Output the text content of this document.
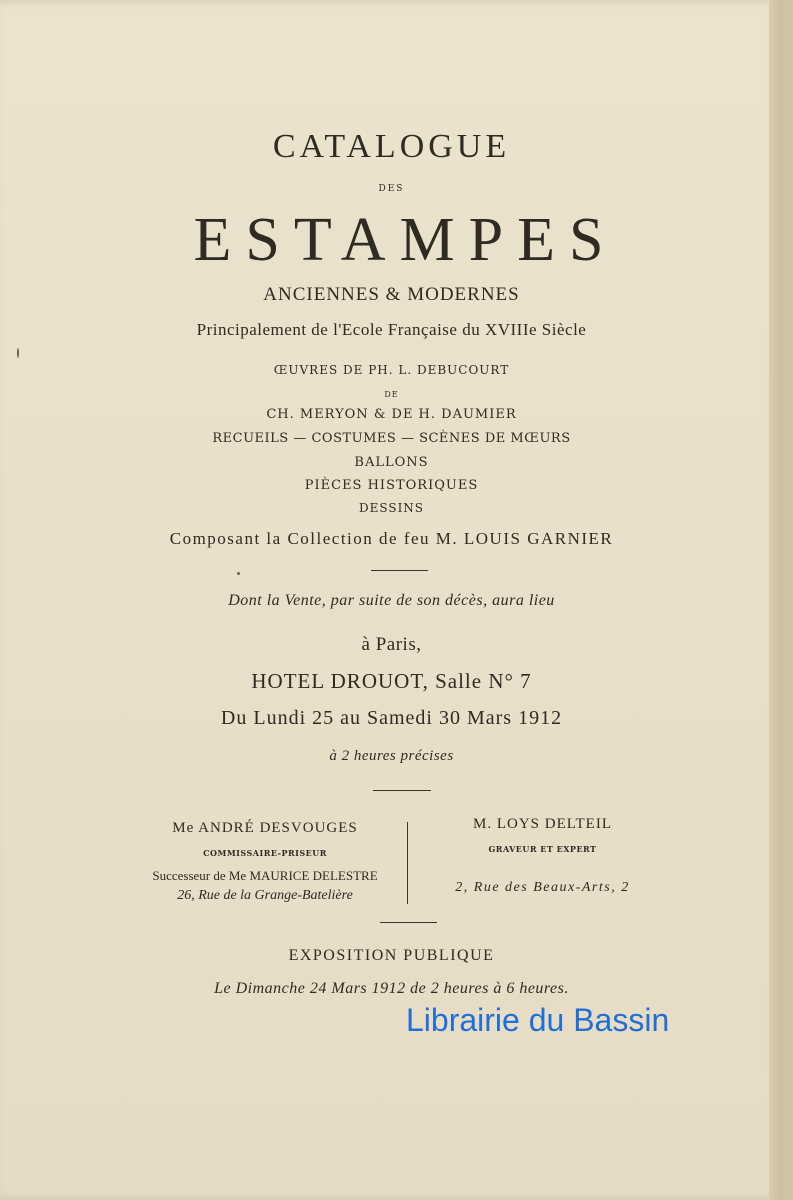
CATALOGUE
DES
ESTAMPES
ANCIENNES & MODERNES
Principalement de l'Ecole Française du XVIIIe Siècle
ŒUVRES DE PH. L. DEBUCOURT
DE
CH. MERYON & DE H. DAUMIER
RECUEILS — COSTUMES — SCÈNES DE MŒURS
BALLONS
PIÈCES HISTORIQUES
DESSINS
Composant la Collection de feu M. LOUIS GARNIER
Dont la Vente, par suite de son décès, aura lieu
à Paris,
HOTEL DROUOT, Salle N° 7
Du Lundi 25 au Samedi 30 Mars 1912
à 2 heures précises
Me ANDRÉ DESVOUGES
COMMISSAIRE-PRISEUR
Successeur de Me MAURICE DELESTRE
26, Rue de la Grange-Batelière
M. LOYS DELTEIL
GRAVEUR ET EXPERT
2, Rue des Beaux-Arts, 2
EXPOSITION PUBLIQUE
Le Dimanche 24 Mars 1912 de 2 heures à 6 heures.
Librairie du Bassin
